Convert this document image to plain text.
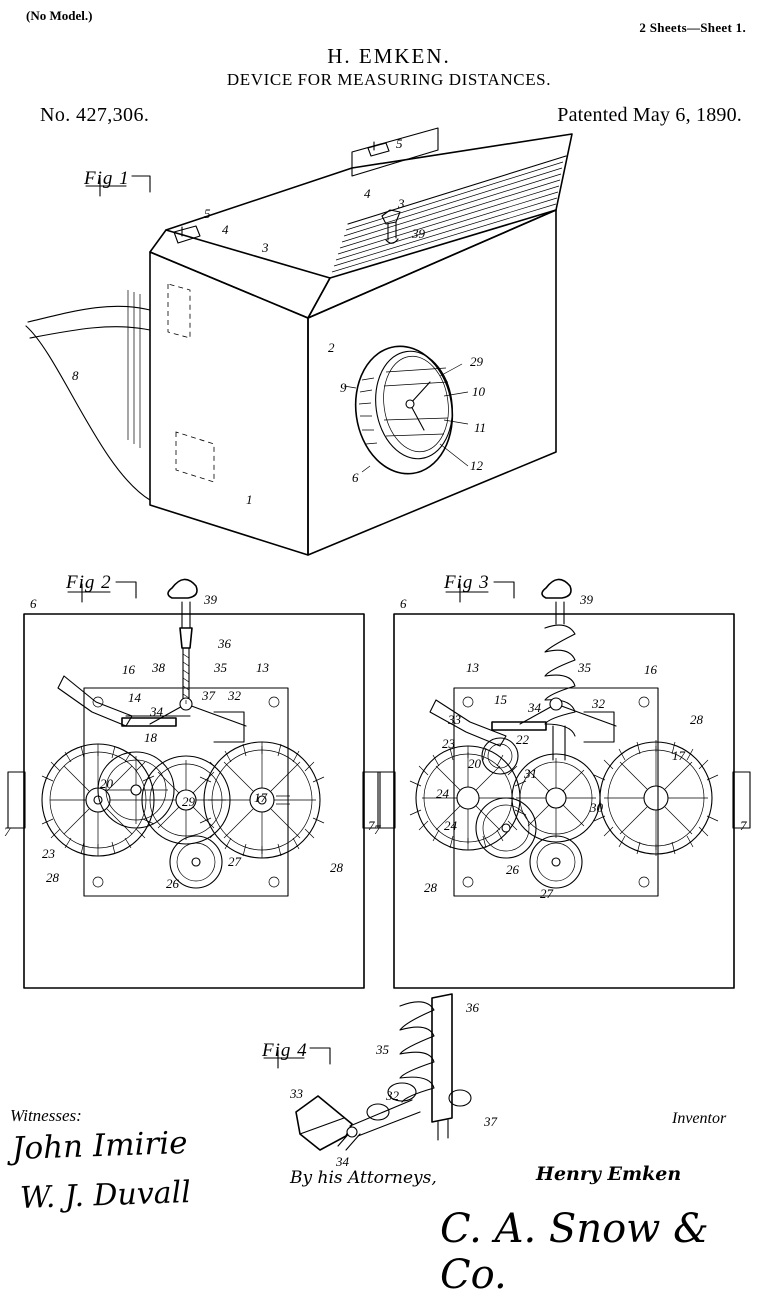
(No Model.)
2 Sheets—Sheet 1.
H. EMKEN.
DEVICE FOR MEASURING DISTANCES.
No. 427,306.	Patented May 6, 1890.
Fig 1
5
4
3
39
3
4
5
2
29
9	10
11
12
6
8
1
Fig 2
6	39
36
16 38	35 13
14	37 32
34
20
17
29
18
7	7
23
26
27	28
28
Fig 3
6	39
13	35	16
15
34	32
33
23	22
20
31
17
28
24
24
7	7
26
27
28
30
Fig 4
36
35
33	32
34
37
Witnesses:
John Imirie
W. J. Duvall	By his Attorneys,
Inventor
Henry Emken
C. A. Snow & Co.
